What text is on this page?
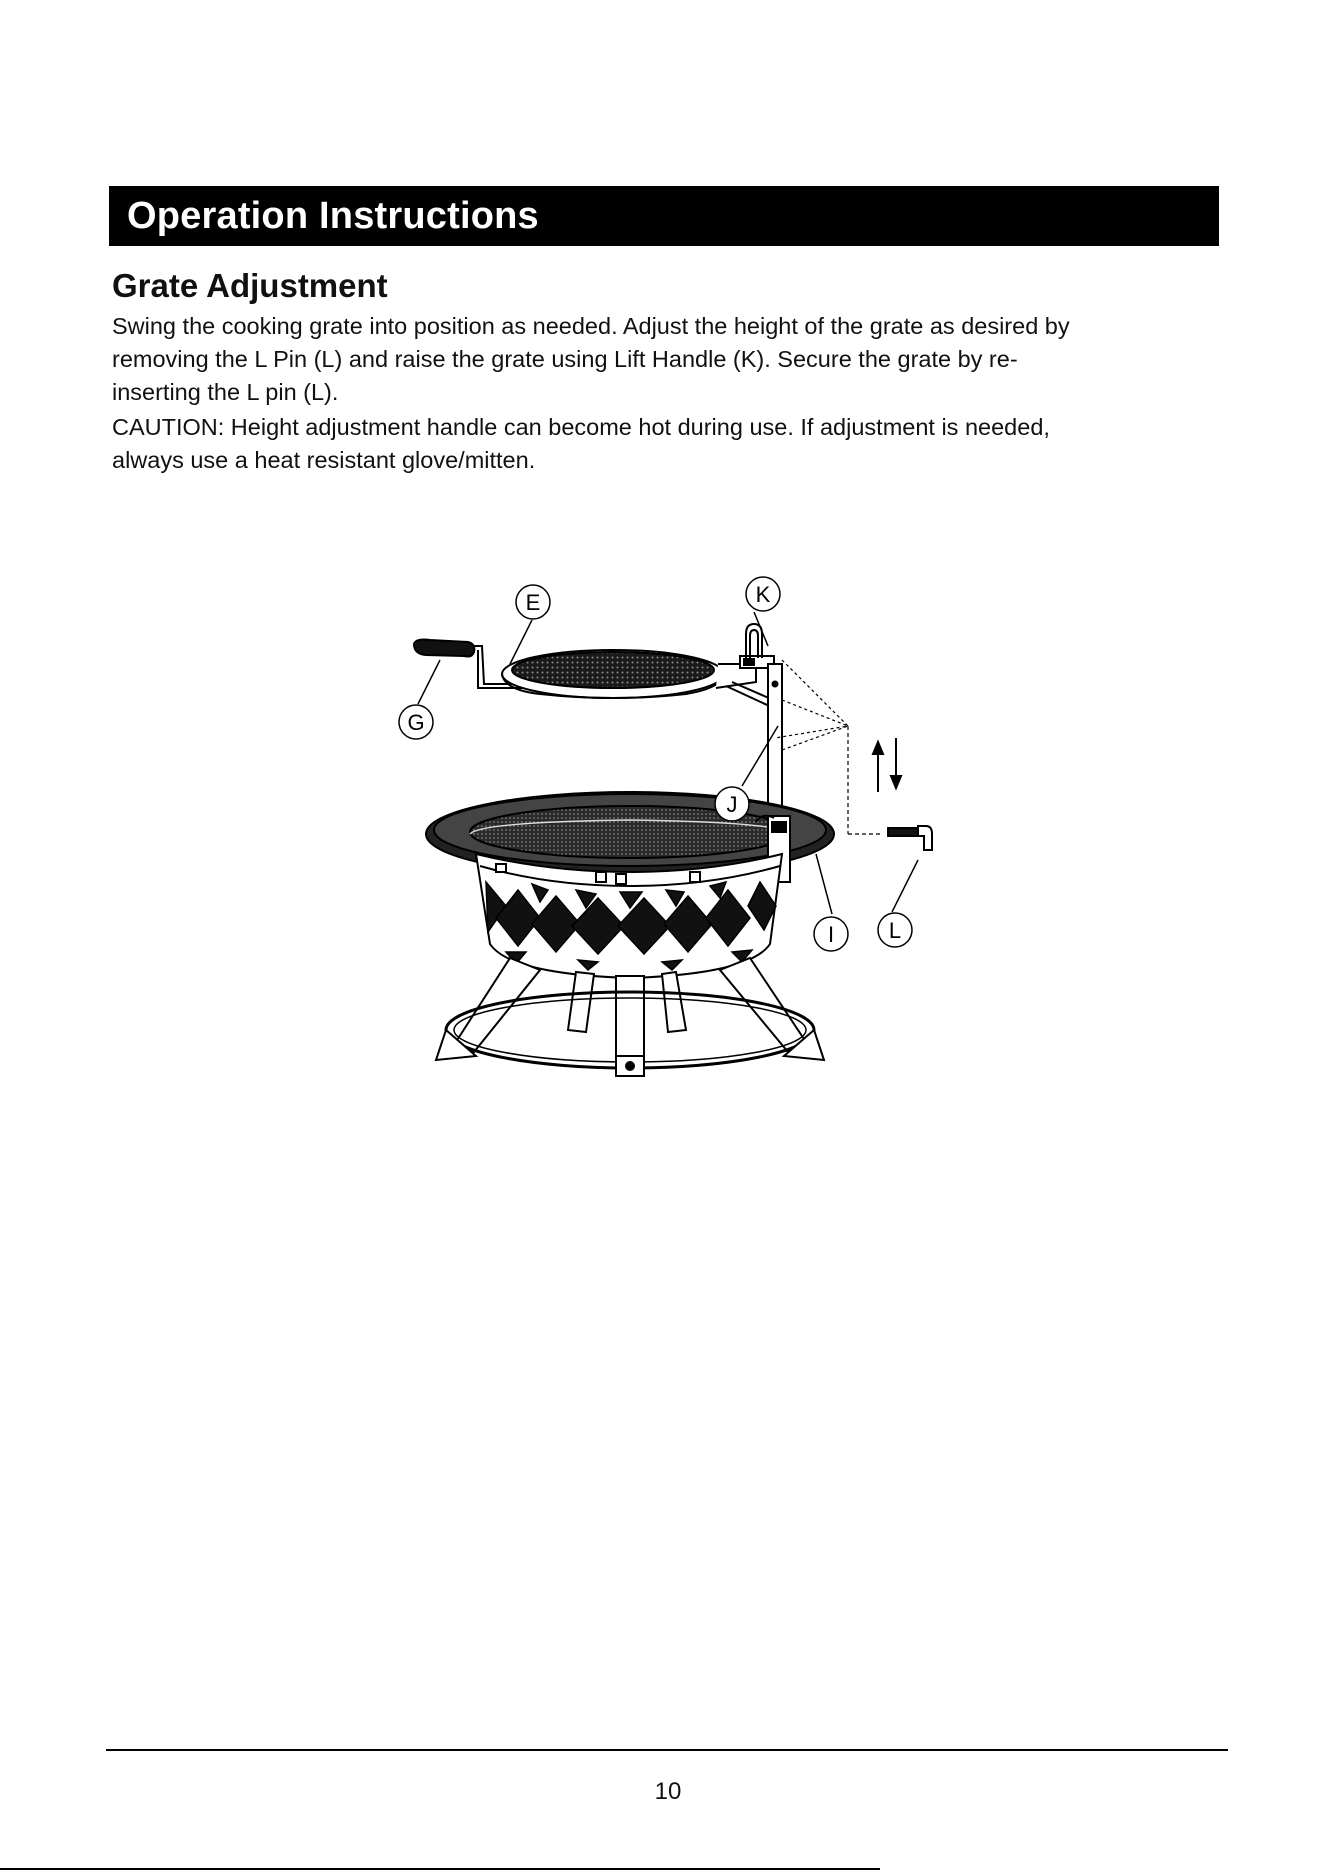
Operation Instructions
Grate Adjustment

Swing the cooking grate into position as needed. Adjust the height of the grate as desired by
removing the L Pin (L) and raise the grate using Lift Handle (K). Secure the grate by re-
inserting the L pin (L).

CAUTION: Height adjustment handle can become hot during use. If adjustment is needed,
always use a heat resistant glove/mitten.

E	K
G
J
I L
10
